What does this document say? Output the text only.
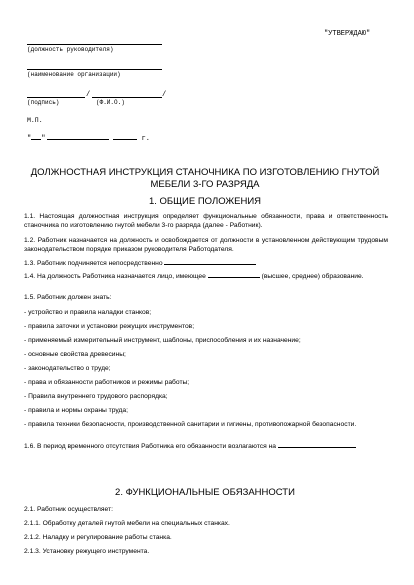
"УТВЕРЖДАЮ"
(должность руководителя)
(наименование организации)
/	/
(подпись)	(Ф.И.О.)
М.П.
" "	г.
ДОЛЖНОСТНАЯ ИНСТРУКЦИЯ СТАНОЧНИКА ПО ИЗГОТОВЛЕНИЮ ГНУТОЙ МЕБЕЛИ 3-ГО РАЗРЯДА
1. ОБЩИЕ ПОЛОЖЕНИЯ
1.1. Настоящая должностная инструкция определяет функциональные обязанности, права и ответственность станочника по изготовлению гнутой мебели 3-го разряда (далее - Работник).
1.2. Работник назначается на должность и освобождается от должности в установленном действующим трудовым законодательством порядке приказом руководителя Работодателя.
1.3. Работник подчиняется непосредственно
1.4. На должность Работника назначается лицо, имеющее	(высшее, среднее) образование.
1.5. Работник должен знать:
- устройство и правила наладки станков;
- правила заточки и установки режущих инструментов;
- применяемый измерительный инструмент, шаблоны, приспособления и их назначение;
- основные свойства древесины;
- законодательство о труде;
- права и обязанности работников и режимы работы;
- Правила внутреннего трудового распорядка;
- правила и нормы охраны труда;
- правила техники безопасности, производственной санитарии и гигиены, противопожарной безопасности.
1.6. В период временного отсутствия Работника его обязанности возлагаются на
2. ФУНКЦИОНАЛЬНЫЕ ОБЯЗАННОСТИ
2.1. Работник осуществляет:
2.1.1. Обработку деталей гнутой мебели на специальных станках.
2.1.2. Наладку и регулирование работы станка.
2.1.3. Установку режущего инструмента.
